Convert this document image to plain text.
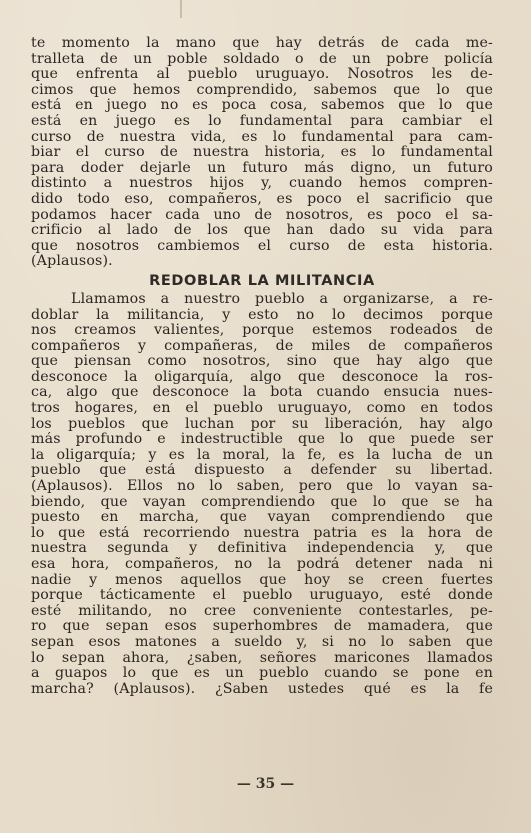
te momento la mano que hay detrás de cada me-
tralleta de un poble soldado o de un pobre policía
que enfrenta al pueblo uruguayo. Nosotros les de-
cimos que hemos comprendido, sabemos que lo que
está en juego no es poca cosa, sabemos que lo que
está en juego es lo fundamental para cambiar el
curso de nuestra vida, es lo fundamental para cam-
biar el curso de nuestra historia, es lo fundamental
para doder dejarle un futuro más digno, un futuro
distinto a nuestros hijos y, cuando hemos compren-
dido todo eso, compañeros, es poco el sacrificio que
podamos hacer cada uno de nosotros, es poco el sa-
crificio al lado de los que han dado su vida para
que nosotros cambiemos el curso de esta historia.
(Aplausos).
REDOBLAR LA MILITANCIA
Llamamos a nuestro pueblo a organizarse, a re-
doblar la militancia, y esto no lo decimos porque
nos creamos valientes, porque estemos rodeados de
compañeros y compañeras, de miles de compañeros
que piensan como nosotros, sino que hay algo que
desconoce la oligarquía, algo que desconoce la ros-
ca, algo que desconoce la bota cuando ensucia nues-
tros hogares, en el pueblo uruguayo, como en todos
los pueblos que luchan por su liberación, hay algo
más profundo e indestructible que lo que puede ser
la oligarquía; y es la moral, la fe, es la lucha de un
pueblo que está dispuesto a defender su libertad.
(Aplausos). Ellos no lo saben, pero que lo vayan sa-
biendo, que vayan comprendiendo que lo que se ha
puesto en marcha, que vayan comprendiendo que
lo que está recorriendo nuestra patria es la hora de
nuestra segunda y definitiva independencia y, que
esa hora, compañeros, no la podrá detener nada ni
nadie y menos aquellos que hoy se creen fuertes
porque tácticamente el pueblo uruguayo, esté donde
esté militando, no cree conveniente contestarles, pe-
ro que sepan esos superhombres de mamadera, que
sepan esos matones a sueldo y, si no lo saben que
lo sepan ahora, ¿saben, señores maricones llamados
a guapos lo que es un pueblo cuando se pone en
marcha? (Aplausos). ¿Saben ustedes qué es la fe
— 35 —
